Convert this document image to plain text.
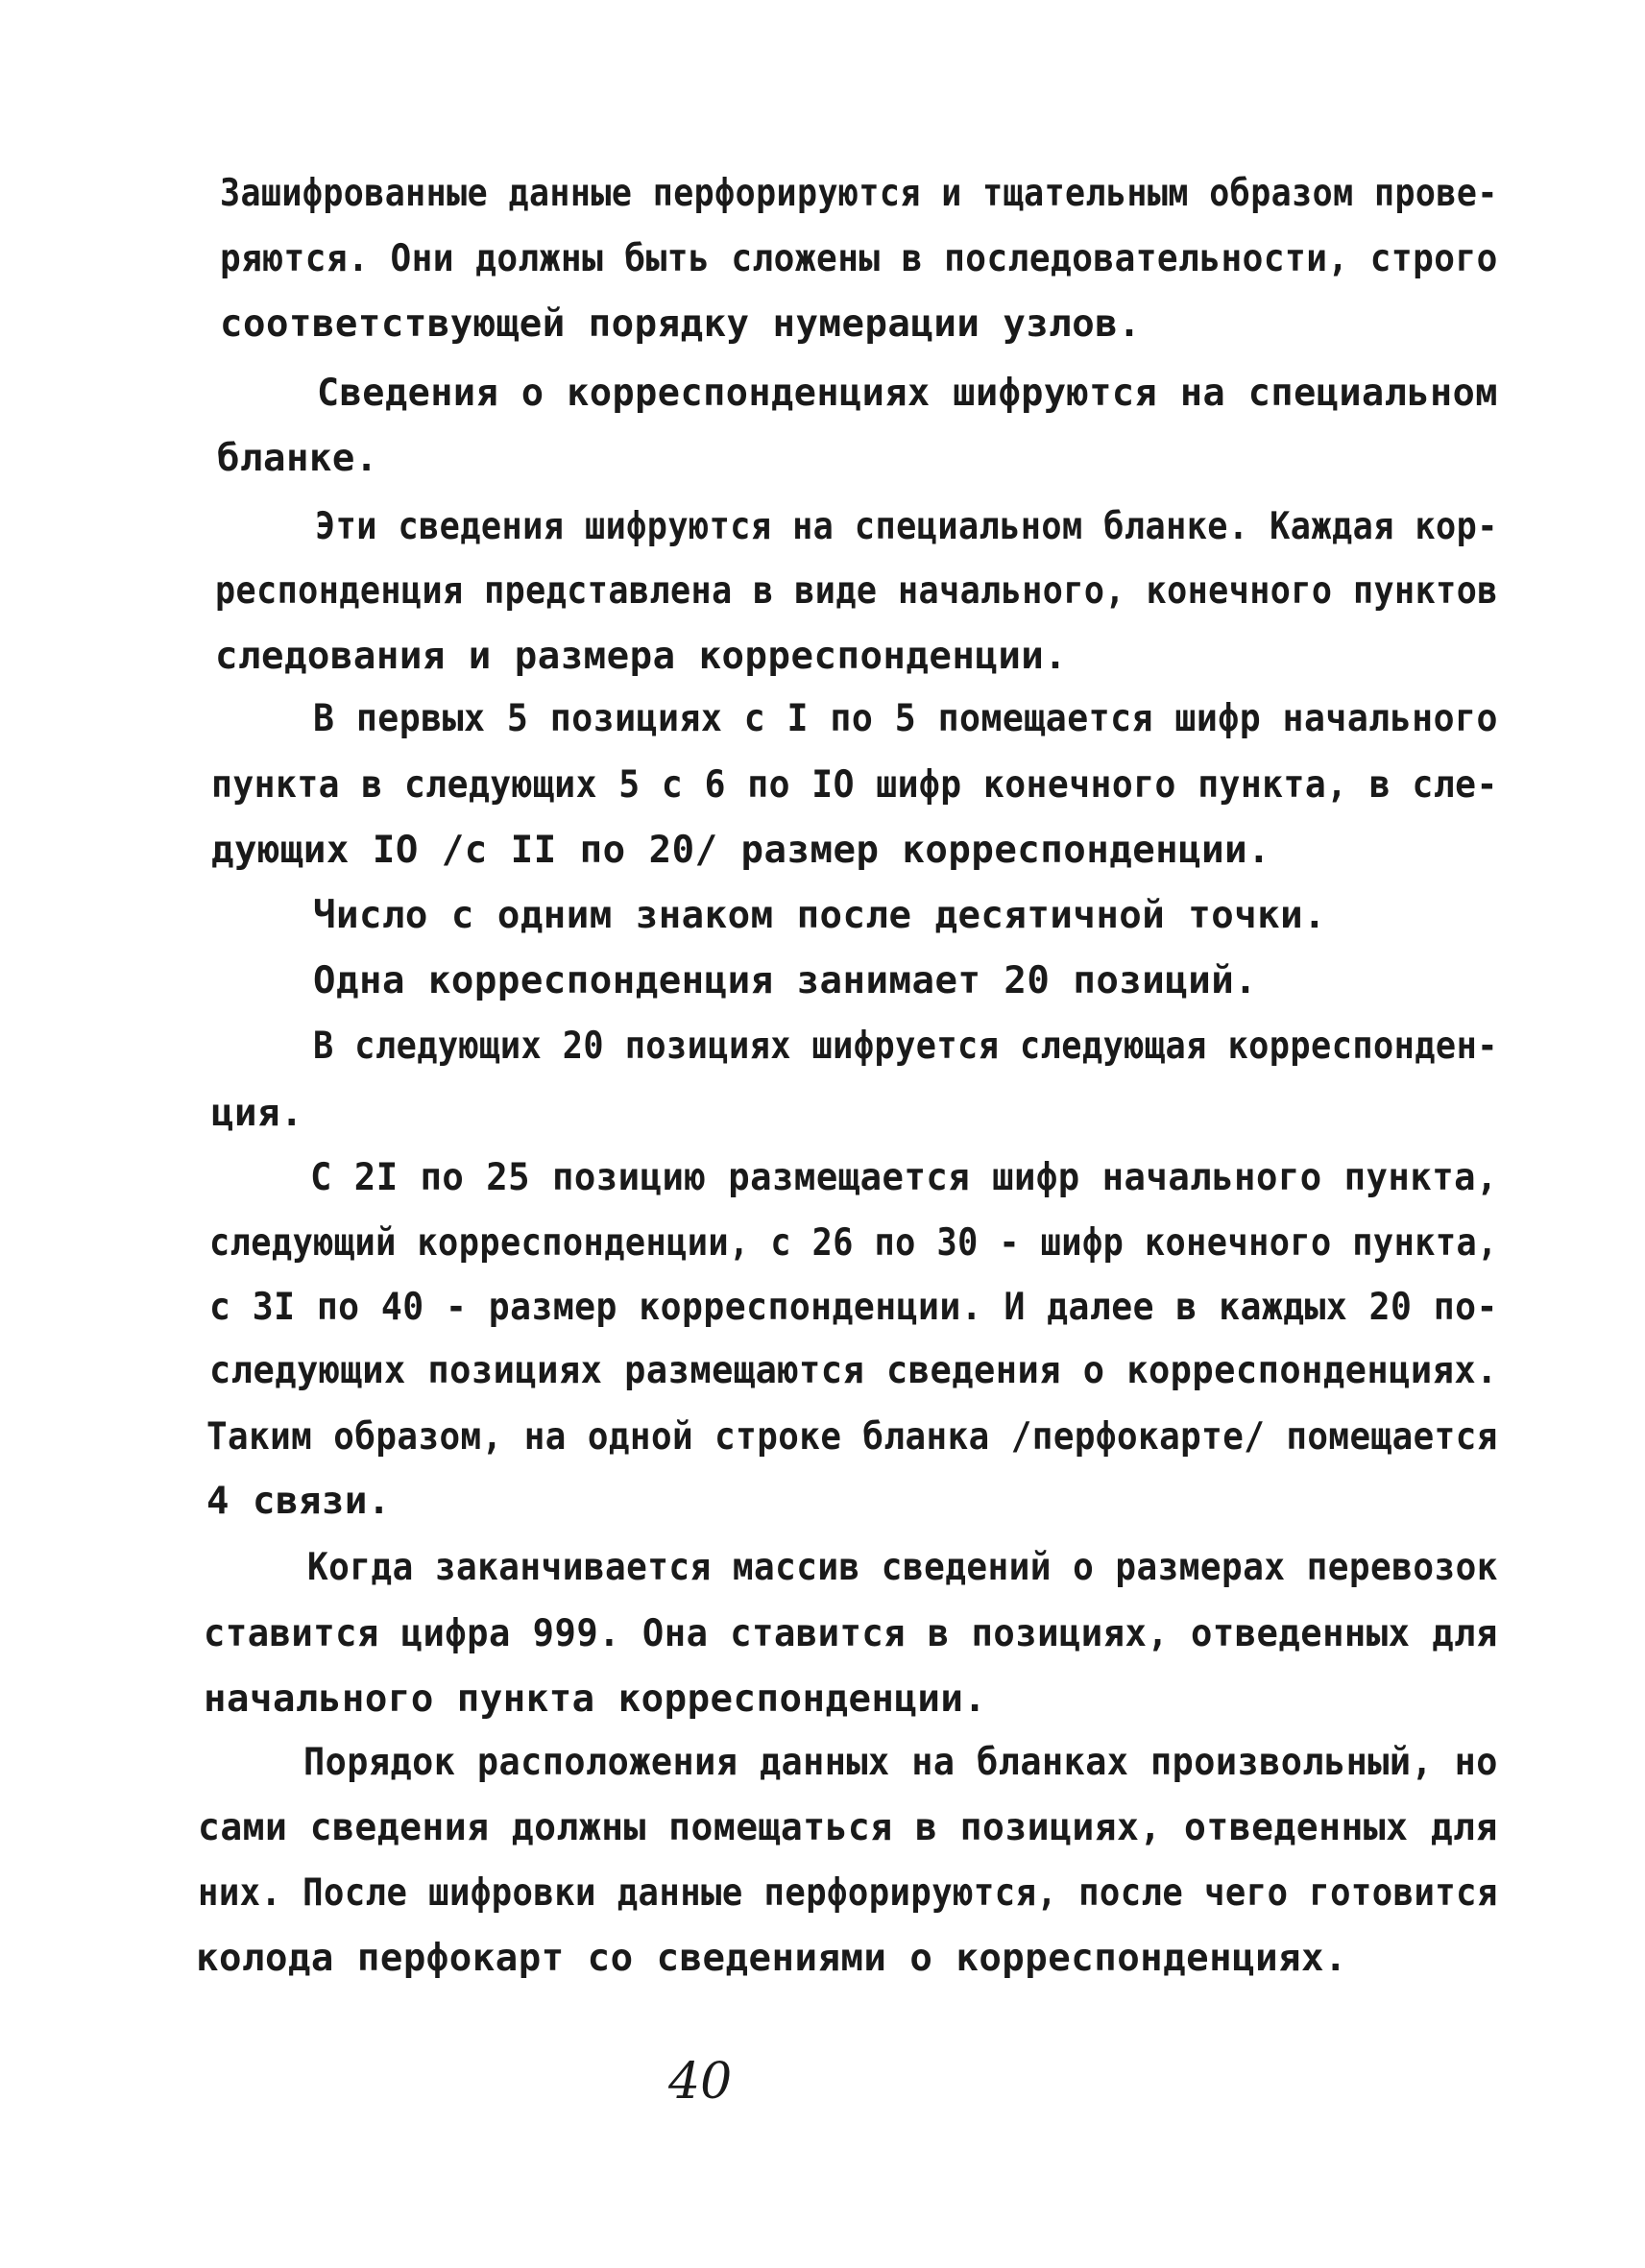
Зашифрованные данные перфорируются и тщательным образом прове-
ряются. Они должны быть сложены в последовательности, строго
соответствующей порядку нумерации узлов.
Сведения о корреспонденциях шифруются на специальном
бланке.
Эти сведения шифруются на специальном бланке. Каждая кор-
респонденция представлена в виде начального, конечного пунктов
следования и размера корреспонденции.
В первых 5 позициях с I по 5 помещается шифр начального
пункта в следующих 5 с 6 по IО шифр конечного пункта, в сле-
дующих IО /с II по 20/ размер корреспонденции.
Число с одним знаком после десятичной точки.
Одна корреспонденция занимает 20 позиций.
В следующих 20 позициях шифруется следующая корреспонден-
ция.
С 2I по 25 позицию размещается шифр начального пункта,
следующий корреспонденции, с 26 по 30 - шифр конечного пункта,
с 3I по 40 - размер корреспонденции. И далее в каждых 20 по-
следующих позициях размещаются сведения о корреспонденциях.
Таким образом, на одной строке бланка /перфокарте/ помещается
4 связи.
Когда заканчивается массив сведений о размерах перевозок
ставится цифра 999. Она ставится в позициях, отведенных для
начального пункта корреспонденции.
Порядок расположения данных на бланках произвольный, но
сами сведения должны помещаться в позициях, отведенных для
них. После шифровки данные перфорируются, после чего готовится
колода перфокарт со сведениями о корреспонденциях.
40
